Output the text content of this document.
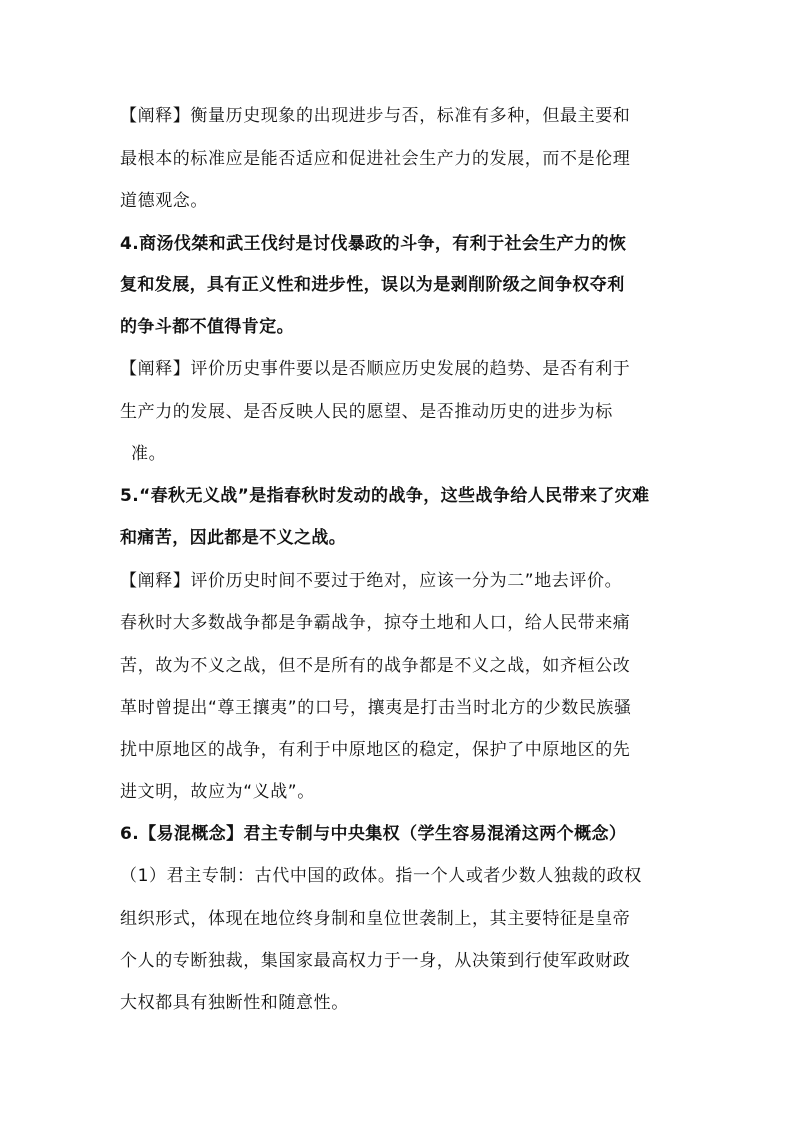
【阐释】衡量历史现象的出现进步与否，标准有多种，但最主要和
最根本的标准应是能否适应和促进社会生产力的发展，而不是伦理
道德观念。
4.商汤伐桀和武王伐纣是讨伐暴政的斗争，有利于社会生产力的恢
复和发展，具有正义性和进步性，误以为是剥削阶级之间争权夺利
的争斗都不值得肯定。
【阐释】评价历史事件要以是否顺应历史发展的趋势、是否有利于
生产力的发展、是否反映人民的愿望、是否推动历史的进步为标
准。
5.“春秋无义战”是指春秋时发动的战争，这些战争给人民带来了灾难
和痛苦，因此都是不义之战。
【阐释】评价历史时间不要过于绝对，应该一分为二”地去评价。
春秋时大多数战争都是争霸战争，掠夺土地和人口，给人民带来痛
苦，故为不义之战，但不是所有的战争都是不义之战，如齐桓公改
革时曾提出“尊王攘夷”的口号，攘夷是打击当时北方的少数民族骚
扰中原地区的战争，有利于中原地区的稳定，保护了中原地区的先
进文明，故应为“义战”。
6.【易混概念】君主专制与中央集权（学生容易混淆这两个概念）
（1）君主专制：古代中国的政体。指一个人或者少数人独裁的政权
组织形式，体现在地位终身制和皇位世袭制上，其主要特征是皇帝
个人的专断独裁，集国家最高权力于一身，从决策到行使军政财政
大权都具有独断性和随意性。
